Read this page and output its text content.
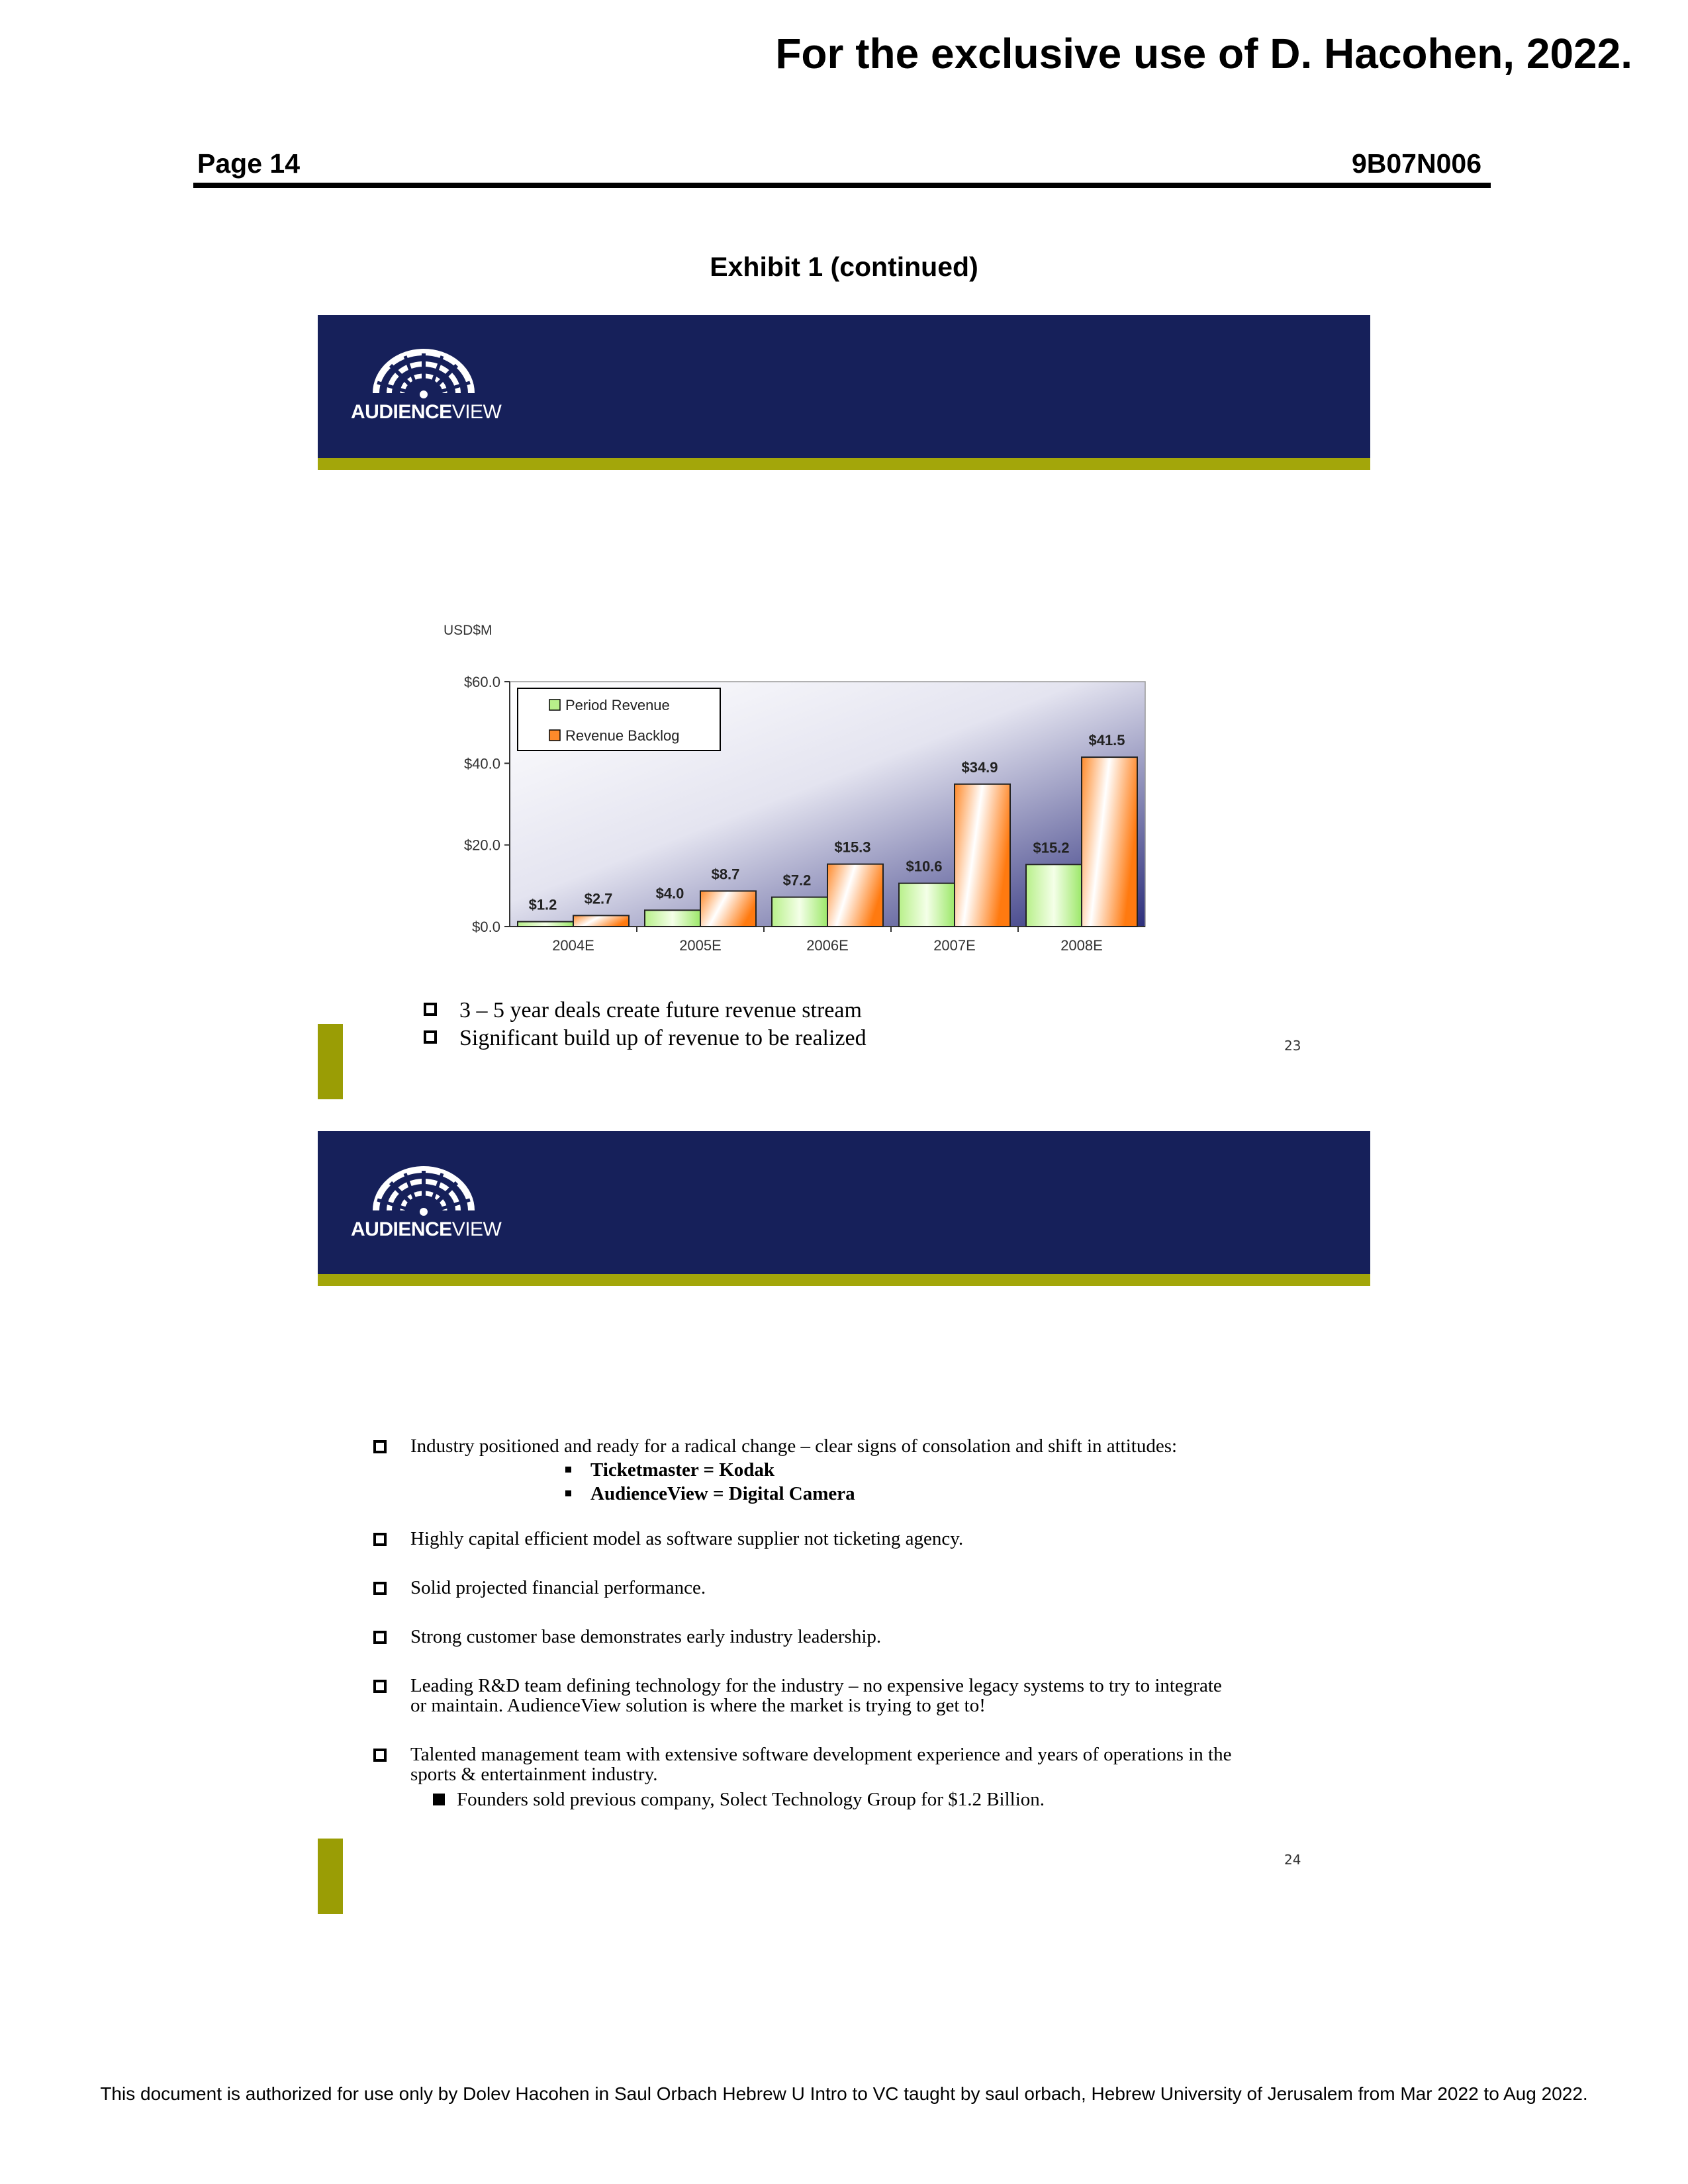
For the exclusive use of D. Hacohen, 2022.
Page 14	9B07N006
Exhibit 1 (continued)
AUDIENCEVIEW
USD$M
$0.0
$20.0
$40.0
$60.0
2004E	2005E	2006E	2007E	2008E
$1.2 $2.7	$4.0
$8.7	$7.2
$15.3
$10.6
$34.9
$15.2
$41.5
Period Revenue
Revenue Backlog
3 – 5 year deals create future revenue stream
Significant build up of revenue to be realized	23
AUDIENCEVIEW
Industry positioned and ready for a radical change – clear signs of consolation and shift in attitudes:
Ticketmaster = Kodak
AudienceView = Digital Camera
Highly capital efficient model as software supplier not ticketing agency.
Solid projected financial performance.
Strong customer base demonstrates early industry leadership.
Leading R&D team defining technology for the industry – no expensive legacy systems to try to integrate
or maintain. AudienceView solution is where the market is trying to get to!
Talented management team with extensive software development experience and years of operations in the
sports & entertainment industry.
Founders sold previous company, Solect Technology Group for $1.2 Billion.
24
This document is authorized for use only by Dolev Hacohen in Saul Orbach Hebrew U Intro to VC taught by saul orbach, Hebrew University of Jerusalem from Mar 2022 to Aug 2022.
